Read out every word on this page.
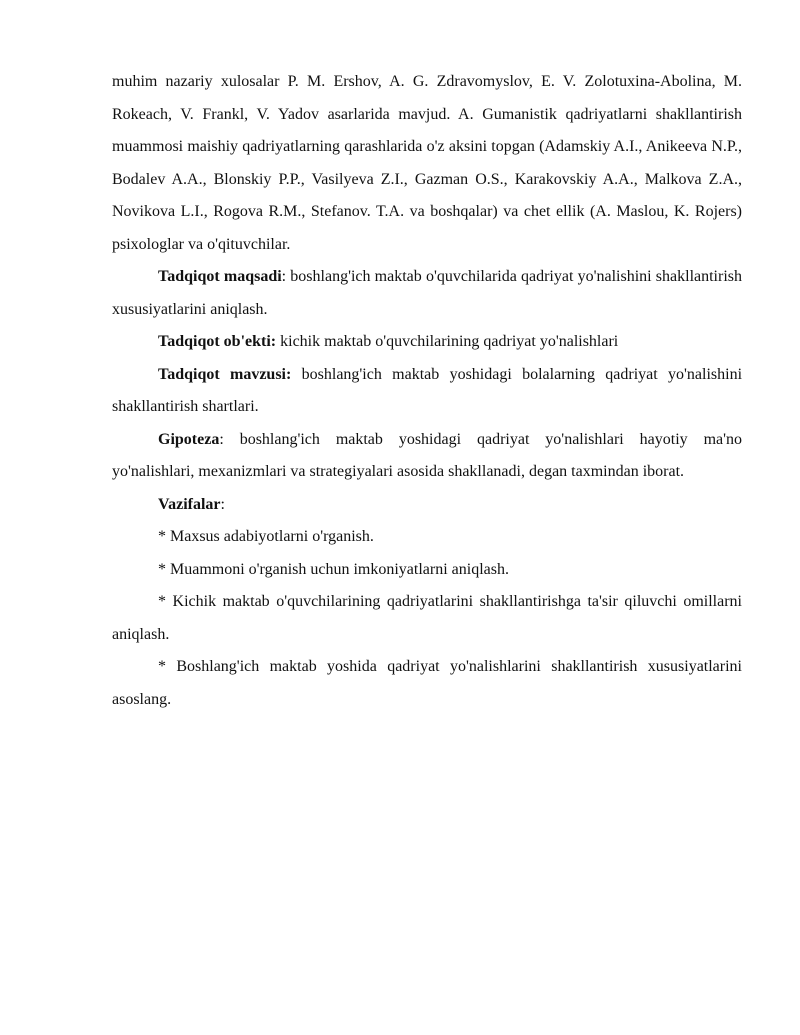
muhim nazariy xulosalar P. M. Ershov, A. G. Zdravomyslov, E. V. Zolotuxina-Abolina, M. Rokeach, V. Frankl, V. Yadov asarlarida mavjud. A. Gumanistik qadriyatlarni shakllantirish muammosi maishiy qadriyatlarning qarashlarida o'z aksini topgan (Adamskiy A.I., Anikeeva N.P., Bodalev A.A., Blonskiy P.P., Vasilyeva Z.I., Gazman O.S., Karakovskiy A.A., Malkova Z.A., Novikova L.I., Rogova R.M., Stefanov. T.A. va boshqalar) va chet ellik (A. Maslou, K. Rojers) psixologlar va o'qituvchilar.

Tadqiqot maqsadi: boshlang'ich maktab o'quvchilarida qadriyat yo'nalishini shakllantirish xususiyatlarini aniqlash.

Tadqiqot ob'ekti: kichik maktab o'quvchilarining qadriyat yo'nalishlari

Tadqiqot mavzusi: boshlang'ich maktab yoshidagi bolalarning qadriyat yo'nalishini shakllantirish shartlari.

Gipoteza: boshlang'ich maktab yoshidagi qadriyat yo'nalishlari hayotiy ma'no yo'nalishlari, mexanizmlari va strategiyalari asosida shakllanadi, degan taxmindan iborat.

Vazifalar:

* Maxsus adabiyotlarni o'rganish.

* Muammoni o'rganish uchun imkoniyatlarni aniqlash.

* Kichik maktab o'quvchilarining qadriyatlarini shakllantirishga ta'sir qiluvchi omillarni aniqlash.

* Boshlang'ich maktab yoshida qadriyat yo'nalishlarini shakllantirish xususiyatlarini asoslang.
